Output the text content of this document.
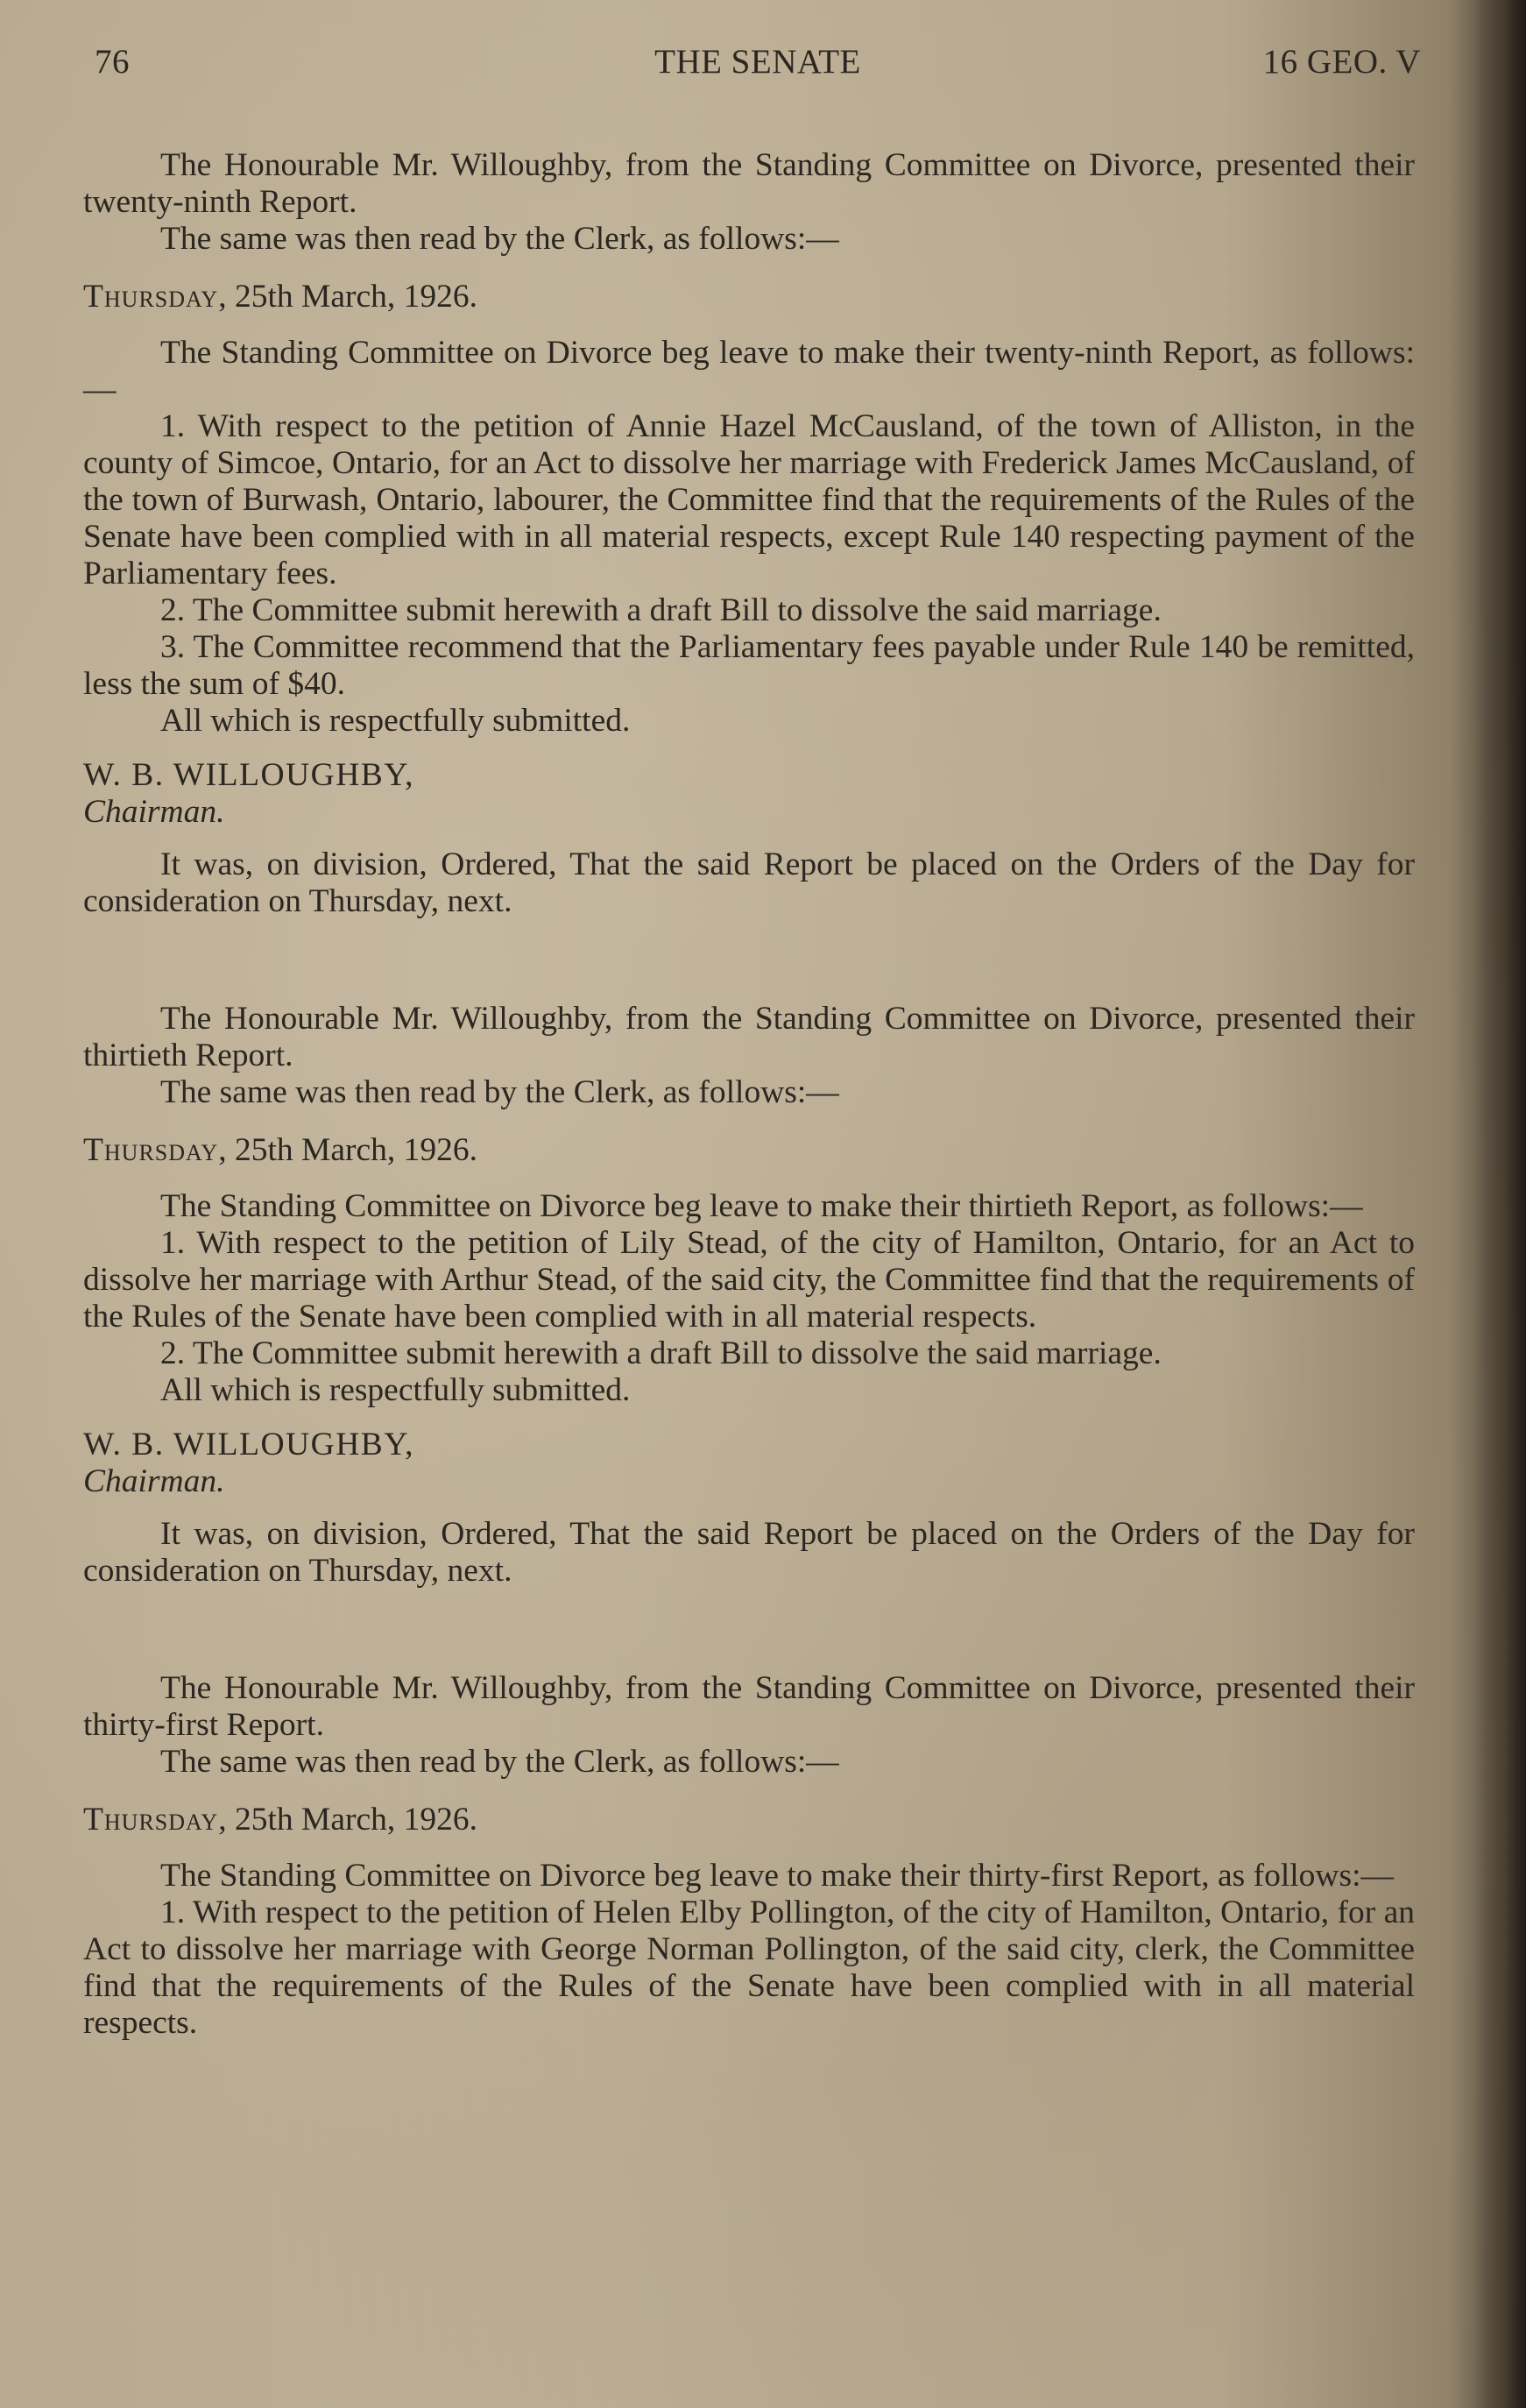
76	THE SENATE	16 GEO. V

The Honourable Mr. Willoughby, from the Standing Committee on Divorce, presented their twenty-ninth Report.

The same was then read by the Clerk, as follows:—

Thursday, 25th March, 1926.

The Standing Committee on Divorce beg leave to make their twenty-ninth Report, as follows:—

1. With respect to the petition of Annie Hazel McCausland, of the town of Alliston, in the county of Simcoe, Ontario, for an Act to dissolve her marriage with Frederick James McCausland, of the town of Burwash, Ontario, labourer, the Committee find that the requirements of the Rules of the Senate have been complied with in all material respects, except Rule 140 respecting payment of the Parliamentary fees.

2. The Committee submit herewith a draft Bill to dissolve the said marriage.

3. The Committee recommend that the Parliamentary fees payable under Rule 140 be remitted, less the sum of $40.

All which is respectfully submitted.

W. B. WILLOUGHBY,

Chairman.

It was, on division, Ordered, That the said Report be placed on the Orders of the Day for consideration on Thursday, next.

The Honourable Mr. Willoughby, from the Standing Committee on Divorce, presented their thirtieth Report.

The same was then read by the Clerk, as follows:—

Thursday, 25th March, 1926.

The Standing Committee on Divorce beg leave to make their thirtieth Report, as follows:—

1. With respect to the petition of Lily Stead, of the city of Hamilton, Ontario, for an Act to dissolve her marriage with Arthur Stead, of the said city, the Committee find that the requirements of the Rules of the Senate have been complied with in all material respects.

2. The Committee submit herewith a draft Bill to dissolve the said marriage.

All which is respectfully submitted.

W. B. WILLOUGHBY,

Chairman.

It was, on division, Ordered, That the said Report be placed on the Orders of the Day for consideration on Thursday, next.

The Honourable Mr. Willoughby, from the Standing Committee on Divorce, presented their thirty-first Report.

The same was then read by the Clerk, as follows:—

Thursday, 25th March, 1926.

The Standing Committee on Divorce beg leave to make their thirty-first Report, as follows:—

1. With respect to the petition of Helen Elby Pollington, of the city of Hamilton, Ontario, for an Act to dissolve her marriage with George Norman Pollington, of the said city, clerk, the Committee find that the requirements of the Rules of the Senate have been complied with in all material respects.
